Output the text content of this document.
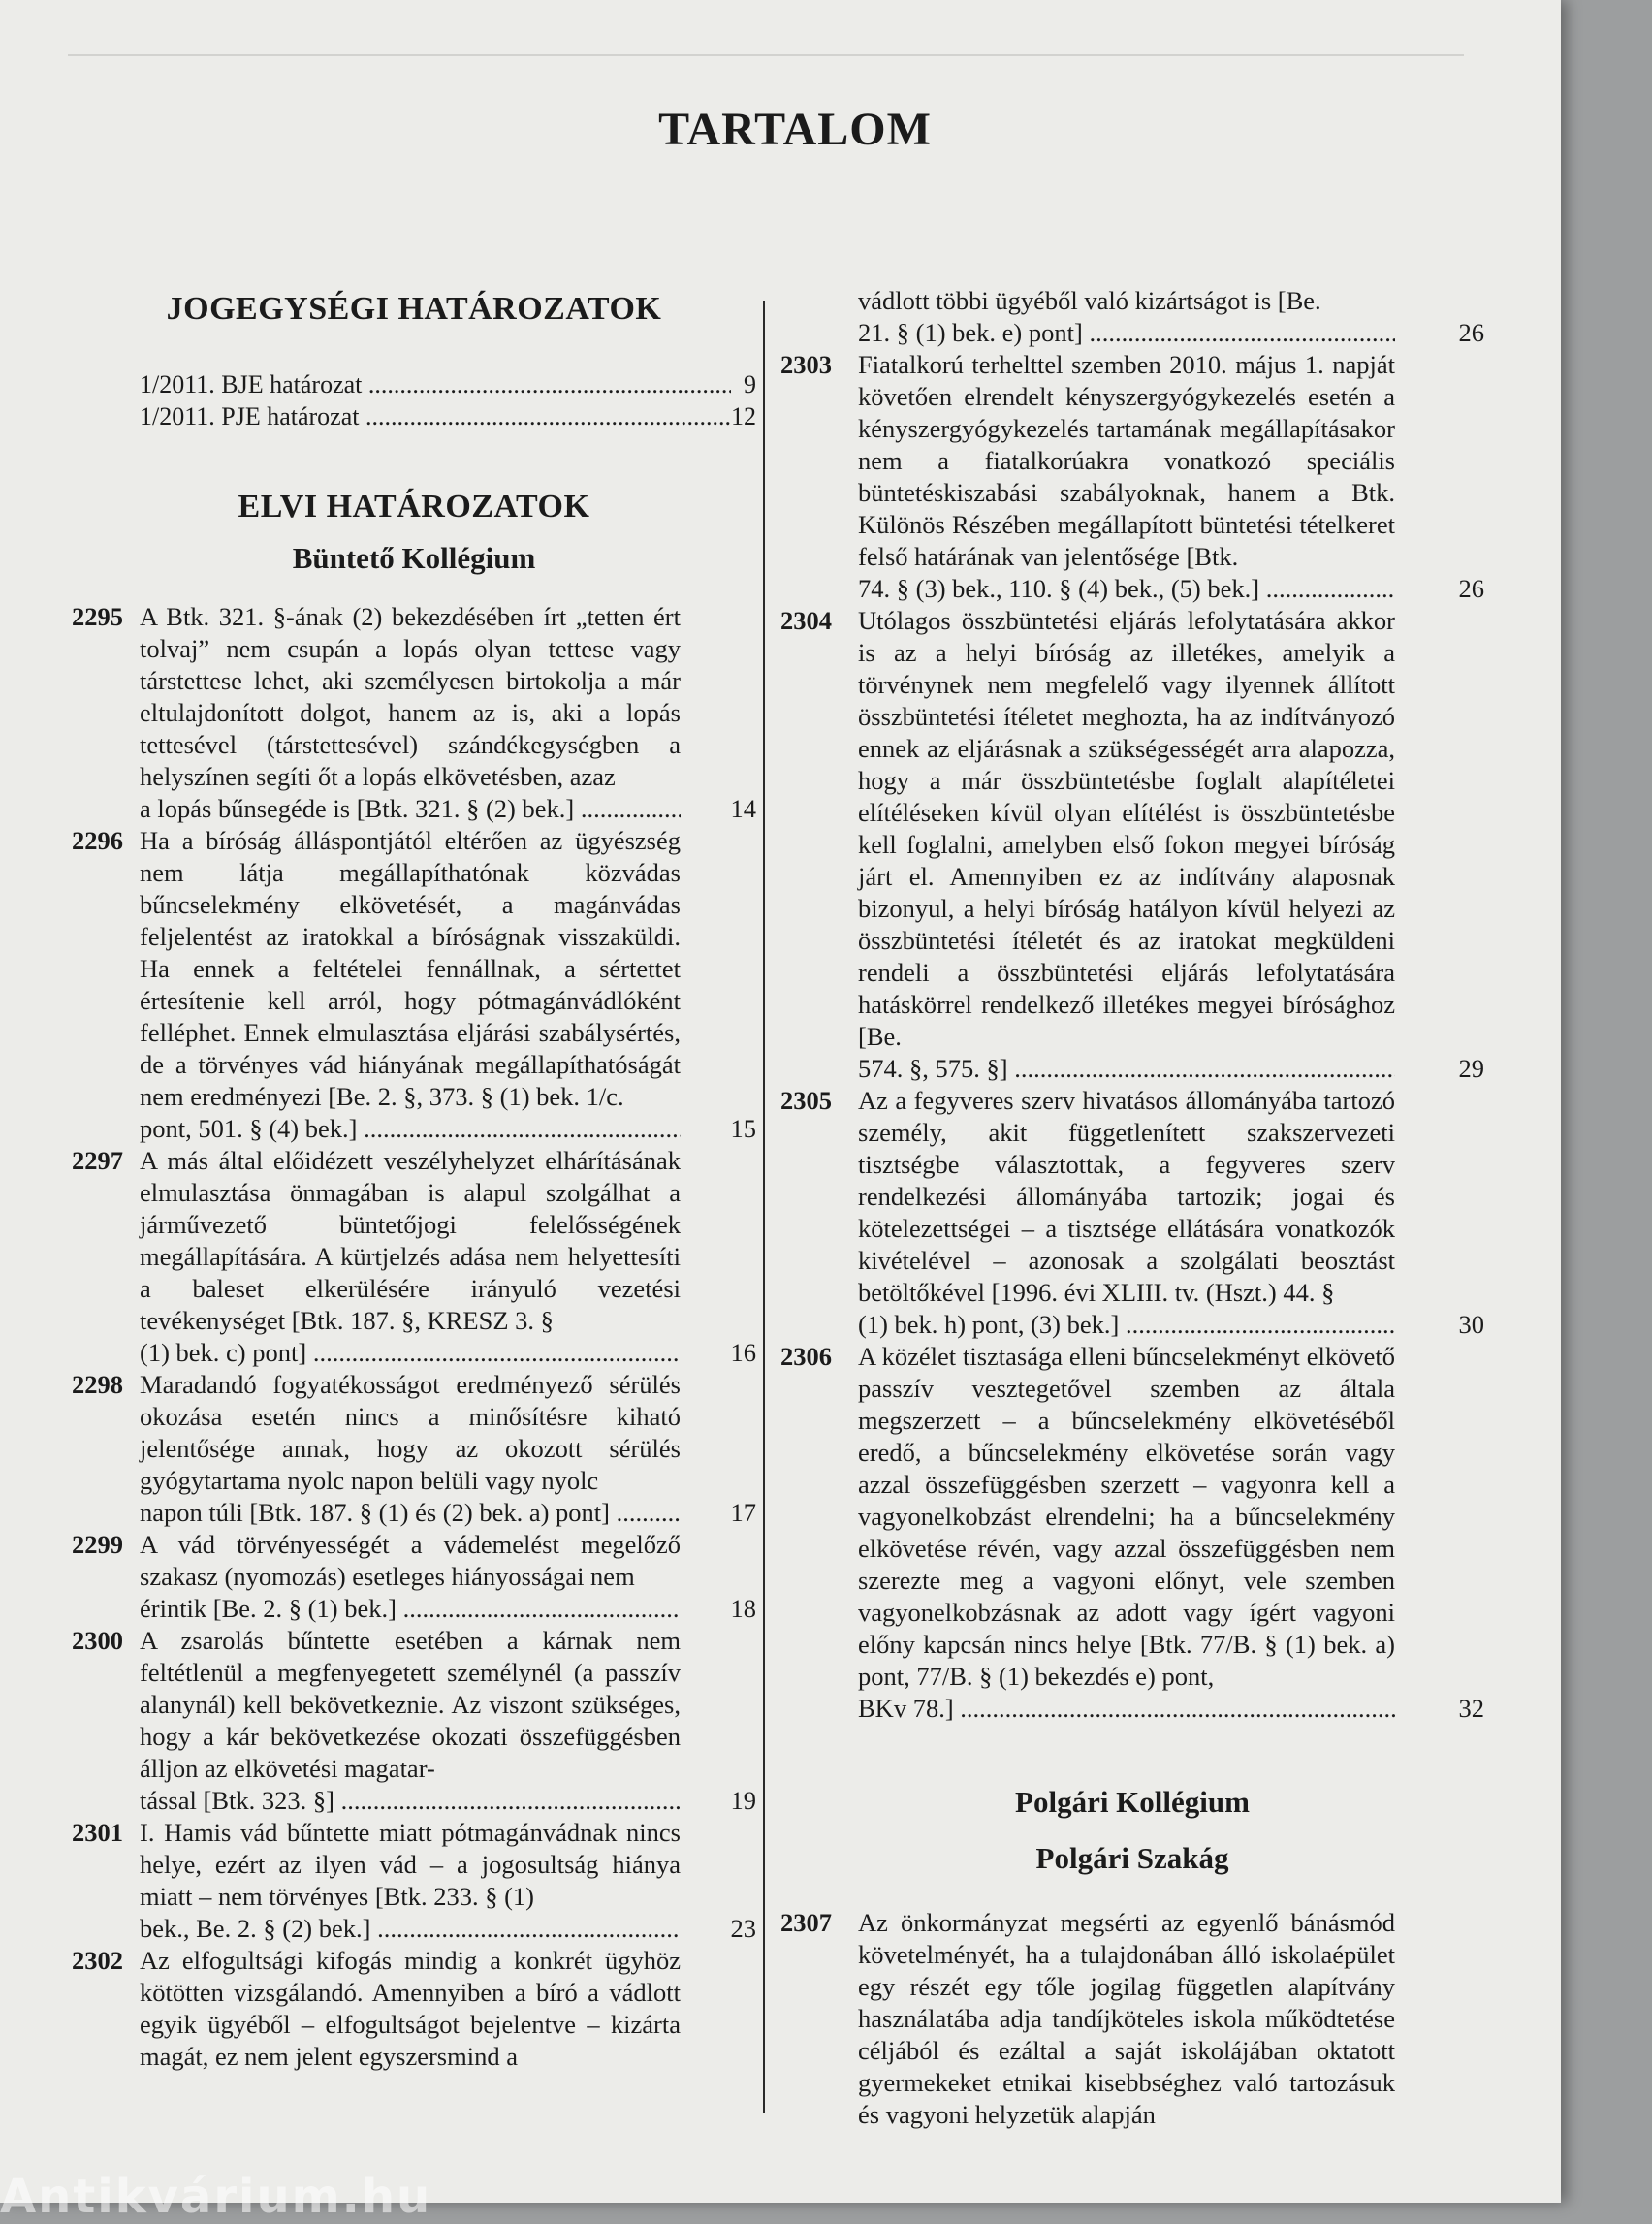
TARTALOM
JOGEGYSÉGI HATÁROZATOK
1/2011. BJE határozat .....	9
1/2011. PJE határozat .....	12
ELVI HATÁROZATOK
Büntető Kollégium
2295 A Btk. 321. §-ának (2) bekezdésében írt „tetten ért tolvaj” nem csupán a lopás olyan tettese vagy társtettese lehet, aki személyesen birtokolja a már eltulajdonított dolgot, hanem az is, aki a lopás tettesével (társtettesével) szándékegységben a helyszínen segíti őt a lopás elkövetésben, azaz
a lopás bűnsegéde is [Btk. 321. § (2) bek.] .....	14
2296 Ha a bíróság álláspontjától eltérően az ügyészség nem látja megállapíthatónak közvádas bűncselekmény elkövetését, a magánvádas feljelentést az iratokkal a bíróságnak visszaküldi. Ha ennek a feltételei fennállnak, a sértettet értesítenie kell arról, hogy pótmagánvádlóként felléphet. Ennek elmulasztása eljárási szabálysértés, de a törvényes vád hiányának megállapíthatóságát nem eredményezi [Be. 2. §, 373. § (1) bek. 1/c.
pont, 501. § (4) bek.] .....	15
2297 A más által előidézett veszélyhelyzet elhárításának elmulasztása önmagában is alapul szolgálhat a járművezető büntetőjogi felelősségének megállapítására. A kürtjelzés adása nem helyettesíti a baleset elkerülésére irányuló vezetési tevékenységet [Btk. 187. §, KRESZ 3. §
(1) bek. c) pont] .....	16
2298 Maradandó fogyatékosságot eredményező sérülés okozása esetén nincs a minősítésre kiható jelentősége annak, hogy az okozott sérülés gyógytartama nyolc napon belüli vagy nyolc
napon túli [Btk. 187. § (1) és (2) bek. a) pont] .....	17
2299 A vád törvényességét a vádemelést megelőző szakasz (nyomozás) esetleges hiányosságai nem
érintik [Be. 2. § (1) bek.] .....	18
2300 A zsarolás bűntette esetében a kárnak nem feltétlenül a megfenyegetett személynél (a passzív alanynál) kell bekövetkeznie. Az viszont szükséges, hogy a kár bekövetkezése okozati összefüggésben álljon az elkövetési magatar-
tással [Btk. 323. §] .....	19
2301 I. Hamis vád bűntette miatt pótmagánvádnak nincs helye, ezért az ilyen vád – a jogosultság hiánya miatt – nem törvényes [Btk. 233. § (1)
bek., Be. 2. § (2) bek.] .....	23
2302 Az elfogultsági kifogás mindig a konkrét ügyhöz kötötten vizsgálandó. Amennyiben a bíró a vádlott egyik ügyéből – elfogultságot bejelentve – kizárta magát, ez nem jelent egyszersmind a
vádlott többi ügyéből való kizártságot is [Be.
21. § (1) bek. e) pont] .....	26
2303 Fiatalkorú terhelttel szemben 2010. május 1. napját követően elrendelt kényszergyógykezelés esetén a kényszergyógykezelés tartamának megállapításakor nem a fiatalkorúakra vonatkozó speciális büntetéskiszabási szabályoknak, hanem a Btk. Különös Részében megállapított büntetési tételkeret felső határának van jelentősége [Btk.
74. § (3) bek., 110. § (4) bek., (5) bek.] .....	26
2304 Utólagos összbüntetési eljárás lefolytatására akkor is az a helyi bíróság az illetékes, amelyik a törvénynek nem megfelelő vagy ilyennek állított összbüntetési ítéletet meghozta, ha az indítványozó ennek az eljárásnak a szükségességét arra alapozza, hogy a már összbüntetésbe foglalt alapítéletei elítéléseken kívül olyan elítélést is összbüntetésbe kell foglalni, amelyben első fokon megyei bíróság járt el. Amennyiben ez az indítvány alaposnak bizonyul, a helyi bíróság hatályon kívül helyezi az összbüntetési ítéletét és az iratokat megküldeni rendeli a összbüntetési eljárás lefolytatására hatáskörrel rendelkező illetékes megyei bírósághoz [Be.
574. §, 575. §] .....	29
2305 Az a fegyveres szerv hivatásos állományába tartozó személy, akit függetlenített szakszervezeti tisztségbe választottak, a fegyveres szerv rendelkezési állományába tartozik; jogai és kötelezettségei – a tisztsége ellátására vonatkozók kivételével – azonosak a szolgálati beosztást betöltőkével [1996. évi XLIII. tv. (Hszt.) 44. §
(1) bek. h) pont, (3) bek.] .....	30
2306 A közélet tisztasága elleni bűncselekményt elkövető passzív vesztegetővel szemben az általa megszerzett – a bűncselekmény elkövetéséből eredő, a bűncselekmény elkövetése során vagy azzal összefüggésben szerzett – vagyonra kell a vagyonelkobzást elrendelni; ha a bűncselekmény elkövetése révén, vagy azzal összefüggésben nem szerezte meg a vagyoni előnyt, vele szemben vagyonelkobzásnak az adott vagy ígért vagyoni előny kapcsán nincs helye [Btk. 77/B. § (1) bek. a) pont, 77/B. § (1) bekezdés e) pont,
BKv 78.] .....	32
Polgári Kollégium
Polgári Szakág
2307 Az önkormányzat megsérti az egyenlő bánásmód követelményét, ha a tulajdonában álló iskolaépület egy részét egy tőle jogilag független alapítvány használatába adja tandíjköteles iskola működtetése céljából és ezáltal a saját iskolájában oktatott gyermekeket etnikai kisebbséghez való tartozásuk és vagyoni helyzetük alapján
Antikvárium.hu
